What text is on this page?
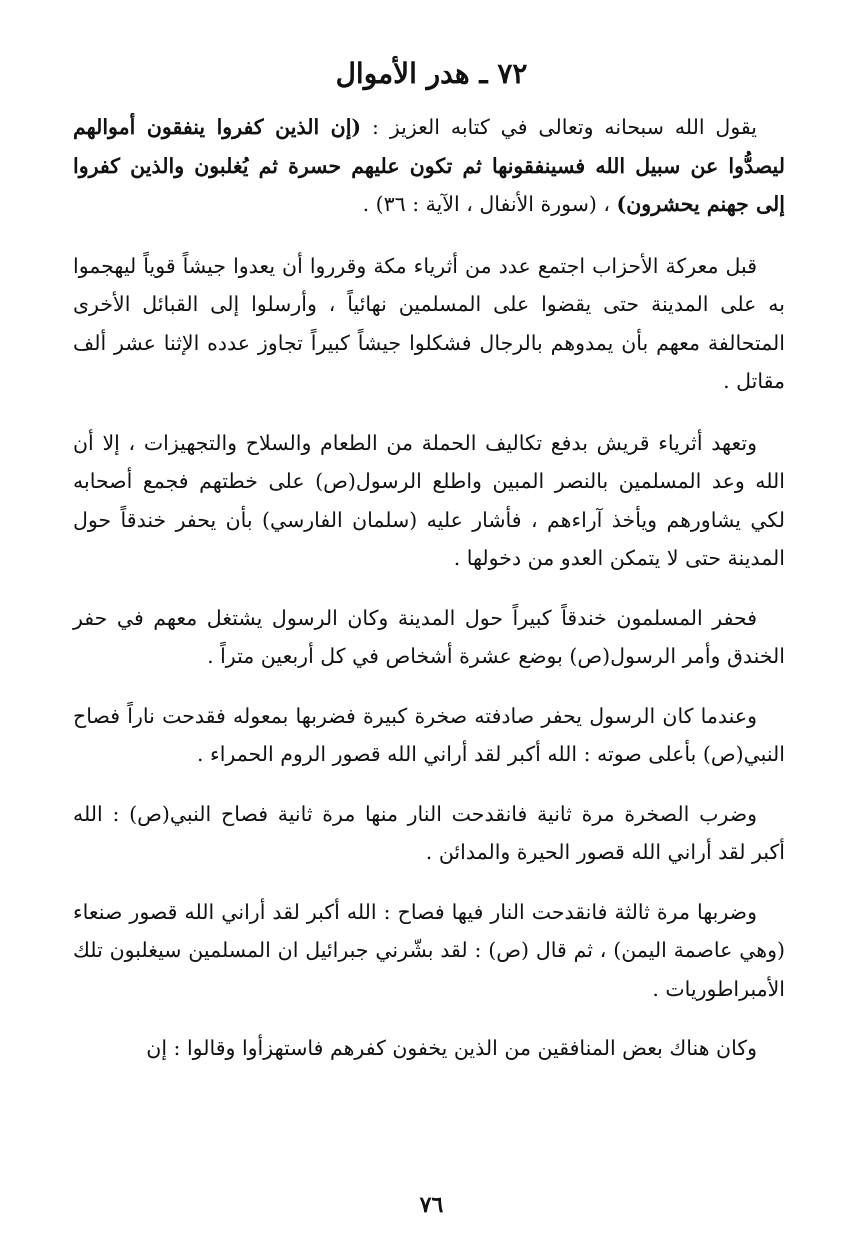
٧٢ ـ هدر الأموال

يقول الله سبحانه وتعالى في كتابه العزيز : (إن الذين كفروا ينفقون أموالهم ليصدُّوا عن سبيل الله فسينفقونها ثم تكون عليهم حسرة ثم يُغلبون والذين كفروا إلى جهنم يحشرون) ، (سورة الأنفال ، الآية : ٣٦) .

قبل معركة الأحزاب اجتمع عدد من أثرياء مكة وقرروا أن يعدوا جيشاً قوياً ليهجموا به على المدينة حتى يقضوا على المسلمين نهائياً ، وأرسلوا إلى القبائل الأخرى المتحالفة معهم بأن يمدوهم بالرجال فشكلوا جيشاً كبيراً تجاوز عدده الإثنا عشر ألف مقاتل .

وتعهد أثرياء قريش بدفع تكاليف الحملة من الطعام والسلاح والتجهيزات ، إلا أن الله وعد المسلمين بالنصر المبين واطلع الرسول(ص) على خطتهم فجمع أصحابه لكي يشاورهم ويأخذ آراءهم ، فأشار عليه (سلمان الفارسي) بأن يحفر خندقاً حول المدينة حتى لا يتمكن العدو من دخولها .

فحفر المسلمون خندقاً كبيراً حول المدينة وكان الرسول يشتغل معهم في حفر الخندق وأمر الرسول(ص) بوضع عشرة أشخاص في كل أربعين متراً .

وعندما كان الرسول يحفر صادفته صخرة كبيرة فضربها بمعوله فقدحت ناراً فصاح النبي(ص) بأعلى صوته : الله أكبر لقد أراني الله قصور الروم الحمراء .

وضرب الصخرة مرة ثانية فانقدحت النار منها مرة ثانية فصاح النبي(ص) : الله أكبر لقد أراني الله قصور الحيرة والمدائن .

وضربها مرة ثالثة فانقدحت النار فيها فصاح : الله أكبر لقد أراني الله قصور صنعاء (وهي عاصمة اليمن) ، ثم قال (ص) : لقد بشّرني جبرائيل ان المسلمين سيغلبون تلك الأمبراطوريات .

وكان هناك بعض المنافقين من الذين يخفون كفرهم فاستهزأوا وقالوا : إن

٧٦
